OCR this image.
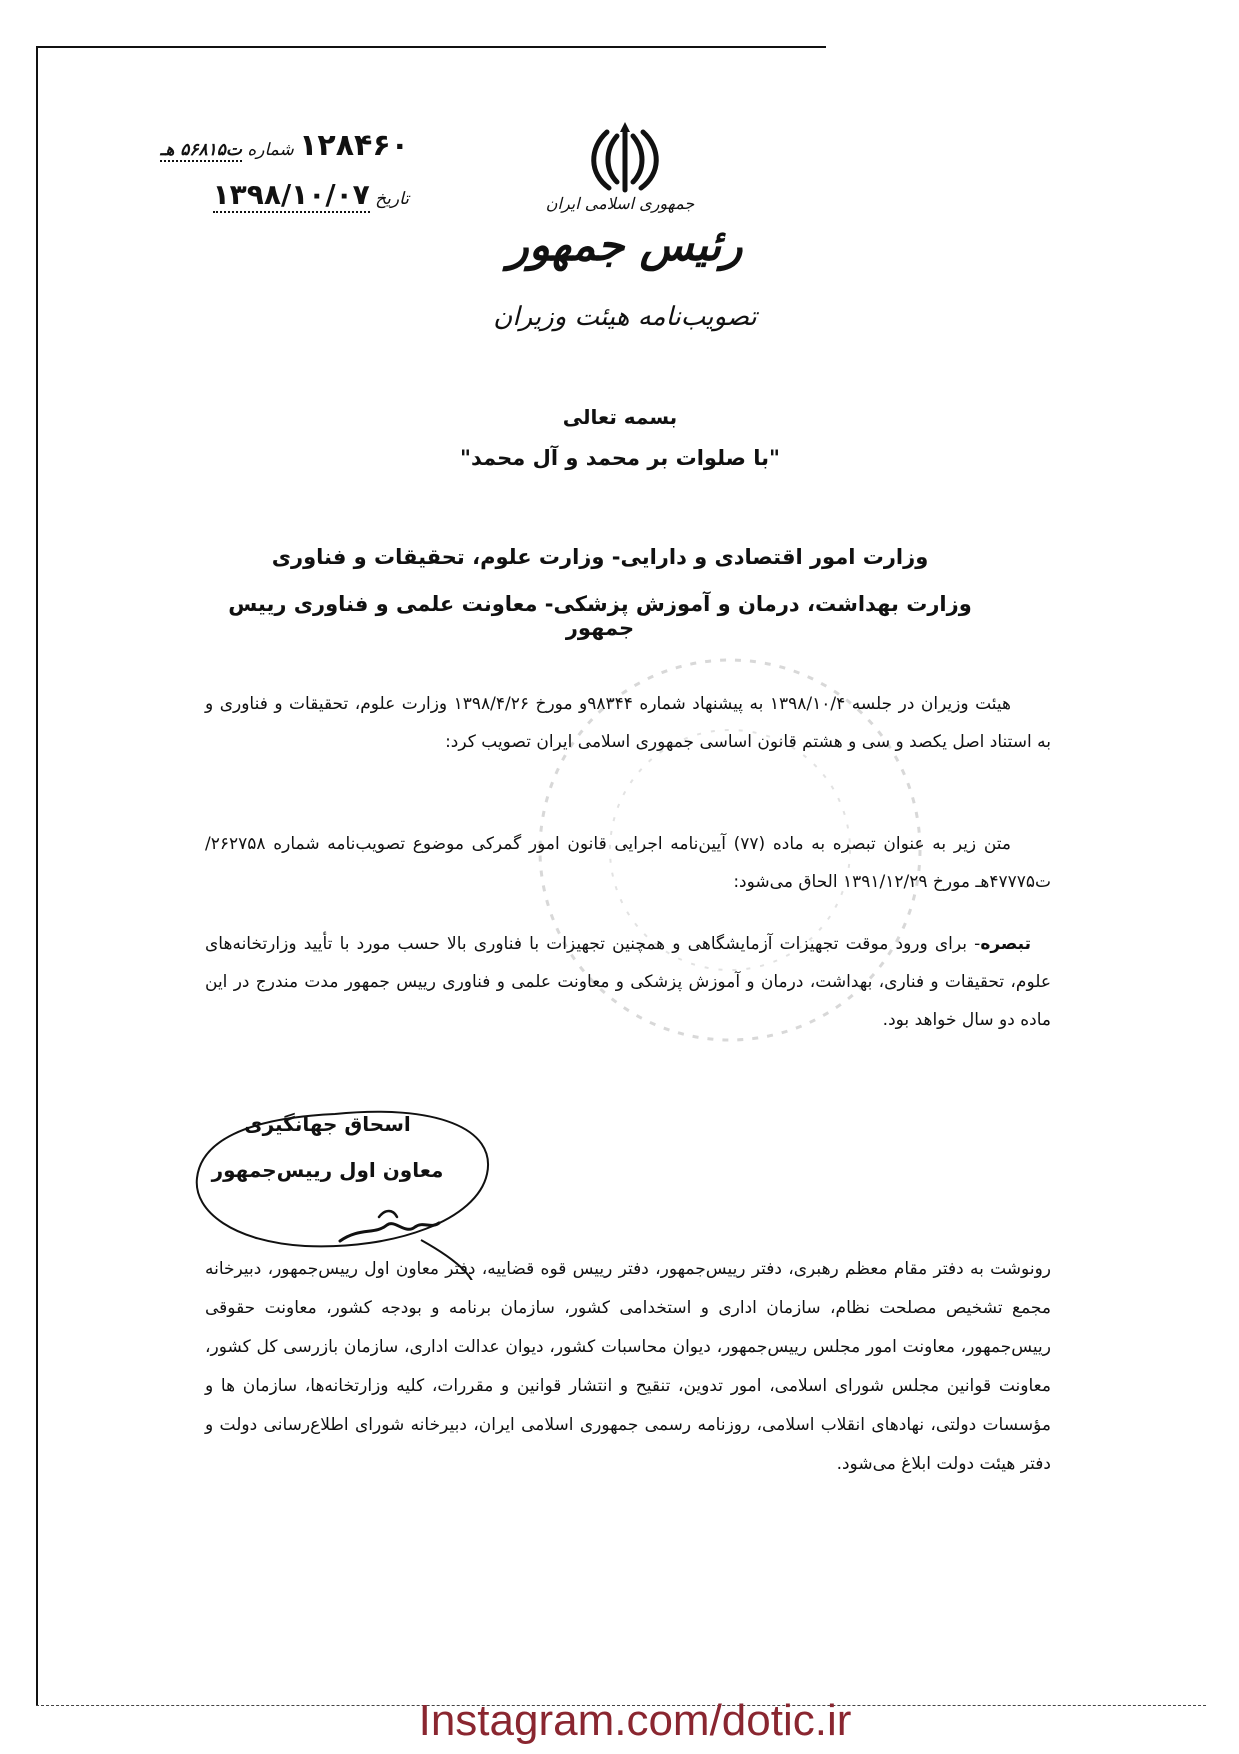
جمهوری اسلامی ایران
رئیس جمهور
تصویب‌نامه هیئت وزیران
۱۲۸۴۶۰ شماره ت۵۶۸۱۵ هـ
تاریخ ۱۳۹۸/۱۰/۰۷
بسمه تعالی
"با صلوات بر محمد و آل محمد"
وزارت امور اقتصادی و دارایی- وزارت علوم، تحقیقات و فناوری
وزارت بهداشت، درمان و آموزش پزشکی- معاونت علمی و فناوری رییس جمهور

هیئت وزیران در جلسه ۱۳۹۸/۱۰/۴ به پیشنهاد شماره ۹۸۳۴۴و مورخ ۱۳۹۸/۴/۲۶ وزارت علوم، تحقیقات و فناوری و به استناد اصل یکصد و سی و هشتم قانون اساسی جمهوری اسلامی ایران تصویب کرد:

متن زیر به عنوان تبصره به ماده (۷۷) آیین‌نامه اجرایی قانون امور گمرکی موضوع تصویب‌نامه شماره ۲۶۲۷۵۸/ت۴۷۷۷۵هـ مورخ ۱۳۹۱/۱۲/۲۹ الحاق می‌شود:

تبصره- برای ورود موقت تجهیزات آزمایشگاهی و همچنین تجهیزات با فناوری بالا حسب مورد با تأیید وزارتخانه‌های علوم، تحقیقات و فناری، بهداشت، درمان و آموزش پزشکی و معاونت علمی و فناوری رییس جمهور مدت مندرج در این ماده دو سال خواهد بود.

اسحاق جهانگیری
معاون اول رییس‌جمهور

رونوشت به دفتر مقام معظم رهبری، دفتر رییس‌جمهور، دفتر رییس قوه قضاییه، دفتر معاون اول رییس‌جمهور، دبیرخانه مجمع تشخیص مصلحت نظام، سازمان اداری و استخدامی کشور، سازمان برنامه و بودجه کشور، معاونت حقوقی رییس‌جمهور، معاونت امور مجلس رییس‌جمهور، دیوان محاسبات کشور، دیوان عدالت اداری، سازمان بازرسی کل کشور، معاونت قوانین مجلس شورای اسلامی، امور تدوین، تنقیح و انتشار قوانین و مقررات، کلیه وزارتخانه‌ها، سازمان ها و مؤسسات دولتی، نهادهای انقلاب اسلامی، روزنامه رسمی جمهوری اسلامی ایران، دبیرخانه شورای اطلاع‌رسانی دولت و دفتر هیئت دولت ابلاغ می‌شود.

Instagram.com/dotic.ir
